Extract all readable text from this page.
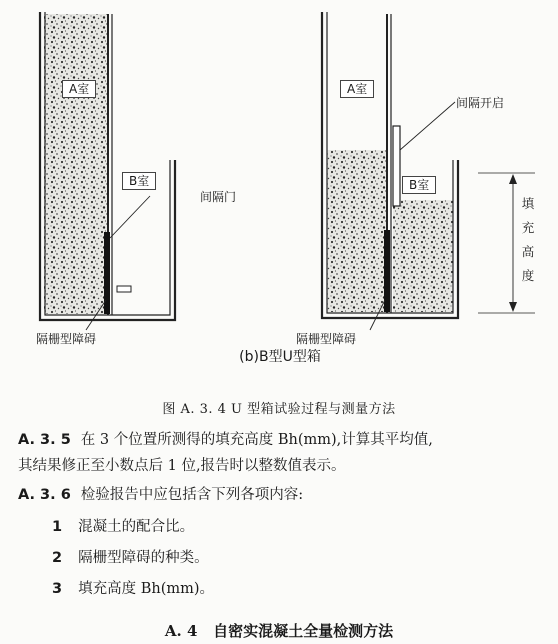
A室
B室
间隔门
隔栅型障碍
A室
B室
间隔开启
隔栅型障碍
填充高度
(b)B型U型箱
图 A. 3. 4 U 型箱试验过程与测量方法
A. 3. 5 在 3 个位置所测得的填充高度 Bh(mm),计算其平均值,
其结果修正至小数点后 1 位,报告时以整数值表示。
A. 3. 6 检验报告中应包括含下列各项内容:
1 混凝土的配合比。
2 隔栅型障碍的种类。
3 填充高度 Bh(mm)。
A. 4 自密实混凝土全量检测方法
